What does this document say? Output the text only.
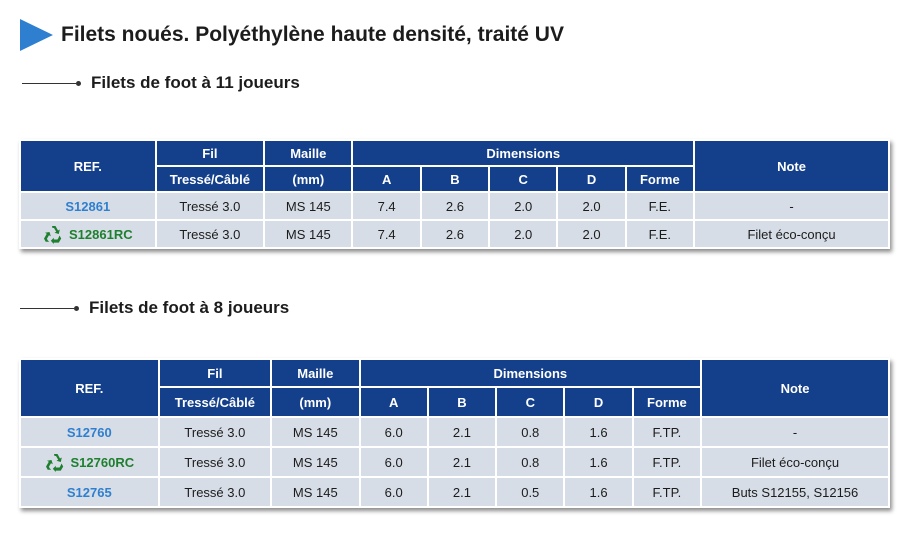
Filets noués. Polyéthylène haute densité, traité UV
Filets de foot à 11 joueurs
REF.	Fil	Maille	Dimensions					Note
	Tressé/Câblé	(mm)	A	B	C	D	Forme	

S12861	Tressé 3.0	MS 145	7.4	2.6	2.0	2.0	F.E.	-

S12861RC	Tressé 3.0	MS 145	7.4	2.6	2.0	2.0	F.E.	Filet éco-conçu
Filets de foot à 8 joueurs
REF.	Fil	Maille	Dimensions					Note
	Tressé/Câblé	(mm)	A	B	C	D	Forme	

S12760	Tressé 3.0	MS 145	6.0	2.1	0.8	1.6	F.TP.	-

S12760RC	Tressé 3.0	MS 145	6.0	2.1	0.8	1.6	F.TP.	Filet éco-conçu

S12765	Tressé 3.0	MS 145	6.0	2.1	0.5	1.6	F.TP.	Buts S12155, S12156
